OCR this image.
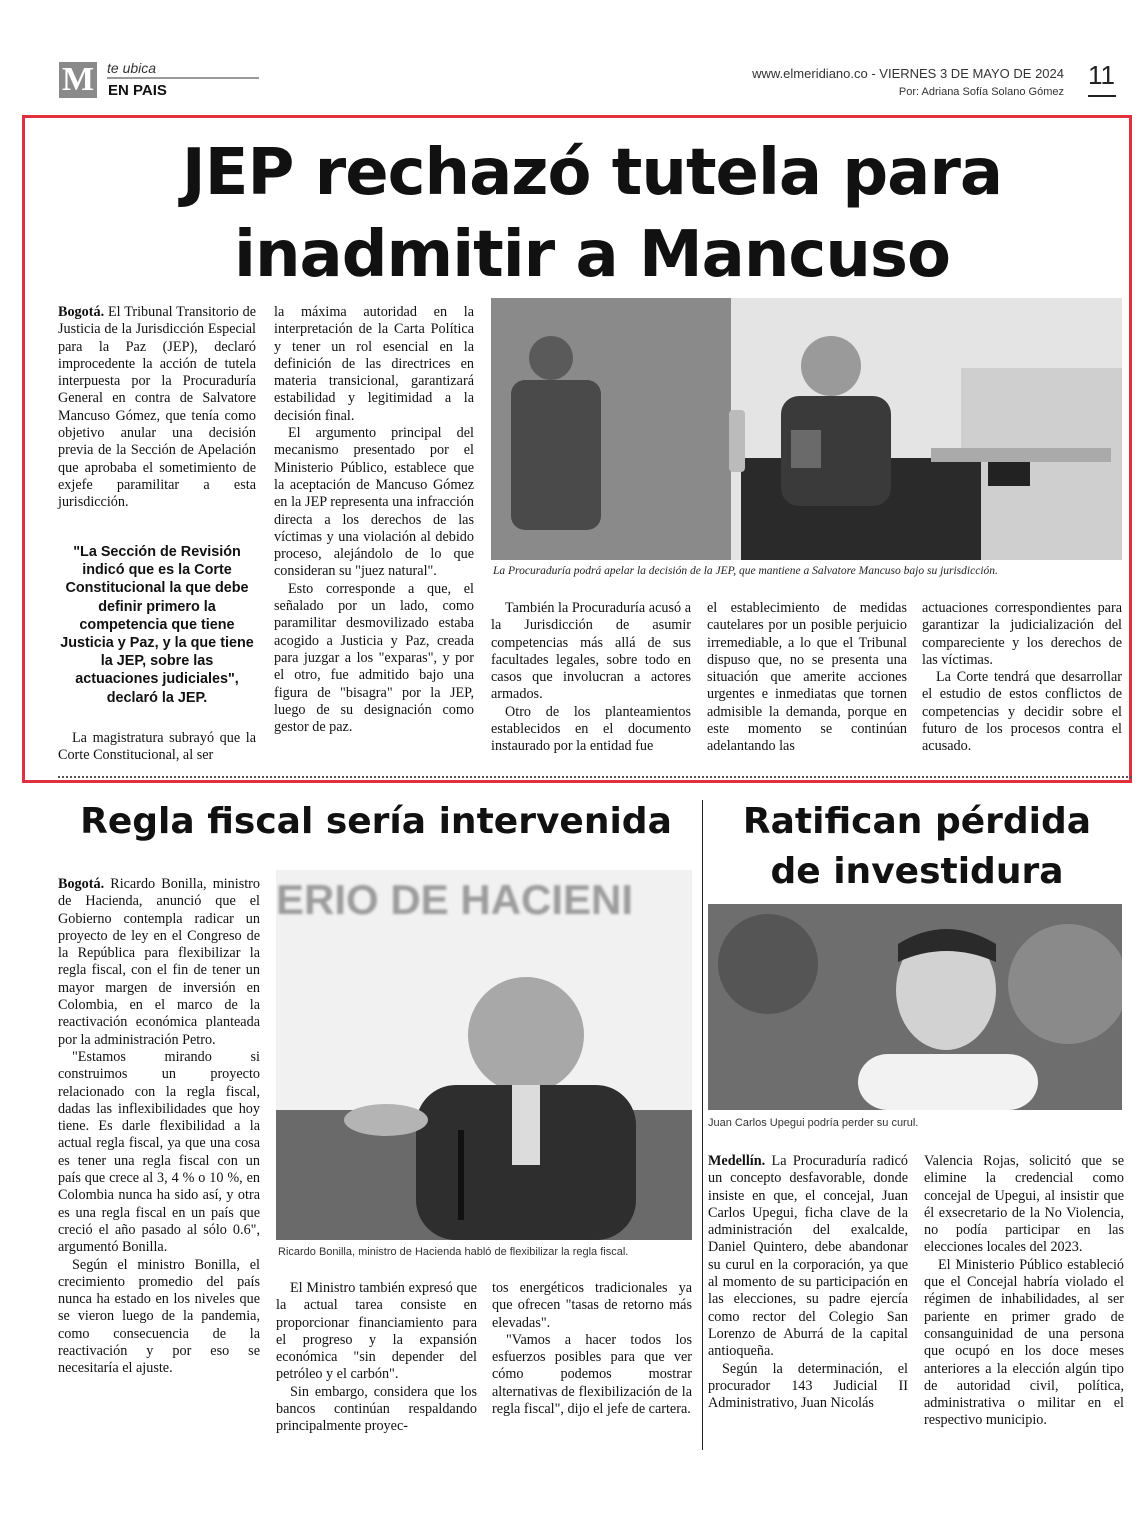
M te ubica
EN PAIS
www.elmeridiano.co - VIERNES 3 DE MAYO DE 2024
Por: Adriana Sofía Solano Gómez
11
JEP rechazó tutela para
inadmitir a Mancuso

Bogotá. El Tribunal Transitorio de Justicia de la Jurisdicción Especial para la Paz (JEP), declaró improcedente la acción de tutela interpuesta por la Procuraduría General en contra de Salvatore Mancuso Gómez, que tenía como objetivo anular una decisión previa de la Sección de Apelación que aprobaba el sometimiento de exjefe paramilitar a esta jurisdicción.

"La Sección de Revisión indicó que es la Corte Constitucional la que debe definir primero la competencia que tiene Justicia y Paz, y la que tiene la JEP, sobre las actuaciones judiciales", declaró la JEP.

La magistratura subrayó que la Corte Constitucional, al ser

la máxima autoridad en la interpretación de la Carta Política y tener un rol esencial en la definición de las directrices en materia transicional, garantizará estabilidad y legitimidad a la decisión final.

El argumento principal del mecanismo presentado por el Ministerio Público, establece que la aceptación de Mancuso Gómez en la JEP representa una infracción directa a los derechos de las víctimas y una violación al debido proceso, alejándolo de lo que consideran su "juez natural".

Esto corresponde a que, el señalado por un lado, como paramilitar desmovilizado estaba acogido a Justicia y Paz, creada para juzgar a los "exparas", y por el otro, fue admitido bajo una figura de "bisagra" por la JEP, luego de su designación como gestor de paz.

La Procuraduría podrá apelar la decisión de la JEP, que mantiene a Salvatore Mancuso bajo su jurisdicción.

También la Procuraduría acusó a la Jurisdicción de asumir competencias más allá de sus facultades legales, sobre todo en casos que involucran a actores armados.

Otro de los planteamientos establecidos en el documento instaurado por la entidad fue

el establecimiento de medidas cautelares por un posible perjuicio irremediable, a lo que el Tribunal dispuso que, no se presenta una situación que amerite acciones urgentes e inmediatas que tornen admisible la demanda, porque en este momento se continúan adelantando las

actuaciones correspondientes para garantizar la judicialización del compareciente y los derechos de las víctimas.

La Corte tendrá que desarrollar el estudio de estos conflictos de competencias y decidir sobre el futuro de los procesos contra el acusado.

Regla fiscal sería intervenida

Bogotá. Ricardo Bonilla, ministro de Hacienda, anunció que el Gobierno contempla radicar un proyecto de ley en el Congreso de la República para flexibilizar la regla fiscal, con el fin de tener un mayor margen de inversión en Colombia, en el marco de la reactivación económica planteada por la administración Petro.

"Estamos mirando si construimos un proyecto relacionado con la regla fiscal, dadas las inflexibilidades que hoy tiene. Es darle flexibilidad a la actual regla fiscal, ya que una cosa es tener una regla fiscal con un país que crece al 3, 4 % o 10 %, en Colombia nunca ha sido así, y otra es una regla fiscal en un país que creció el año pasado al sólo 0.6", argumentó Bonilla.

Según el ministro Bonilla, el crecimiento promedio del país nunca ha estado en los niveles que se vieron luego de la pandemia, como consecuencia de la reactivación y por eso se necesitaría el ajuste.

ERIO DE HACIENI
Ricardo Bonilla, ministro de Hacienda habló de flexibilizar la regla fiscal.

El Ministro también expresó que la actual tarea consiste en proporcionar financiamiento para el progreso y la expansión económica "sin depender del petróleo y el carbón".

Sin embargo, considera que los bancos continúan respaldando principalmente proyec-

tos energéticos tradicionales ya que ofrecen "tasas de retorno más elevadas".

"Vamos a hacer todos los esfuerzos posibles para que ver cómo podemos mostrar alternativas de flexibilización de la regla fiscal", dijo el jefe de cartera.

Ratifican pérdida
de investidura
Juan Carlos Upegui podría perder su curul.

Medellín. La Procuraduría radicó un concepto desfavorable, donde insiste en que, el concejal, Juan Carlos Upegui, ficha clave de la administración del exalcalde, Daniel Quintero, debe abandonar su curul en la corporación, ya que al momento de su participación en las elecciones, su padre ejercía como rector del Colegio San Lorenzo de Aburrá de la capital antioqueña.

Según la determinación, el procurador 143 Judicial II Administrativo, Juan Nicolás

Valencia Rojas, solicitó que se elimine la credencial como concejal de Upegui, al insistir que él exsecretario de la No Violencia, no podía participar en las elecciones locales del 2023.

El Ministerio Público estableció que el Concejal habría violado el régimen de inhabilidades, al ser pariente en primer grado de consanguinidad de una persona que ocupó en los doce meses anteriores a la elección algún tipo de autoridad civil, política, administrativa o militar en el respectivo municipio.
